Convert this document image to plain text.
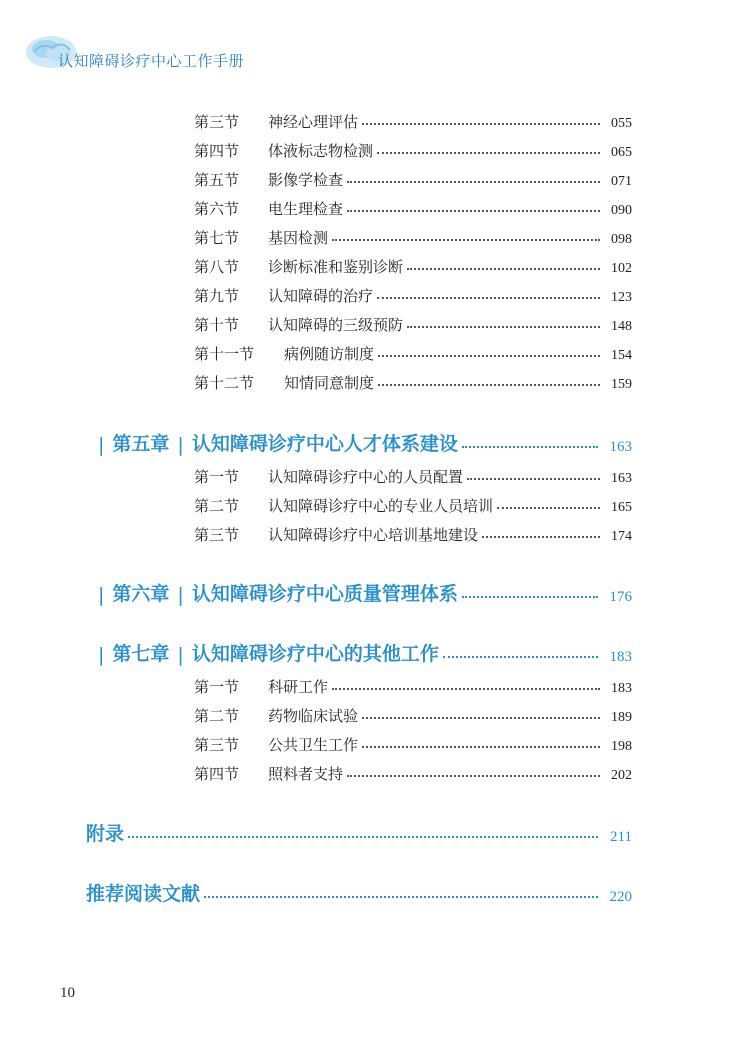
认知障碍诊疗中心工作手册
第三节	神经心理评估	055
第四节	体液标志物检测	065
第五节	影像学检查	071
第六节	电生理检查	090
第七节	基因检测	098
第八节	诊断标准和鉴别诊断	102
第九节	认知障碍的治疗	123
第十节	认知障碍的三级预防	148
第十一节	病例随访制度	154
第十二节	知情同意制度	159
| 第五章 | 认知障碍诊疗中心人才体系建设	163
第一节	认知障碍诊疗中心的人员配置	163
第二节	认知障碍诊疗中心的专业人员培训	165
第三节	认知障碍诊疗中心培训基地建设	174
| 第六章 | 认知障碍诊疗中心质量管理体系	176
| 第七章 | 认知障碍诊疗中心的其他工作	183
第一节	科研工作	183
第二节	药物临床试验	189
第三节	公共卫生工作	198
第四节	照料者支持	202
附录	211
推荐阅读文献	220
10
